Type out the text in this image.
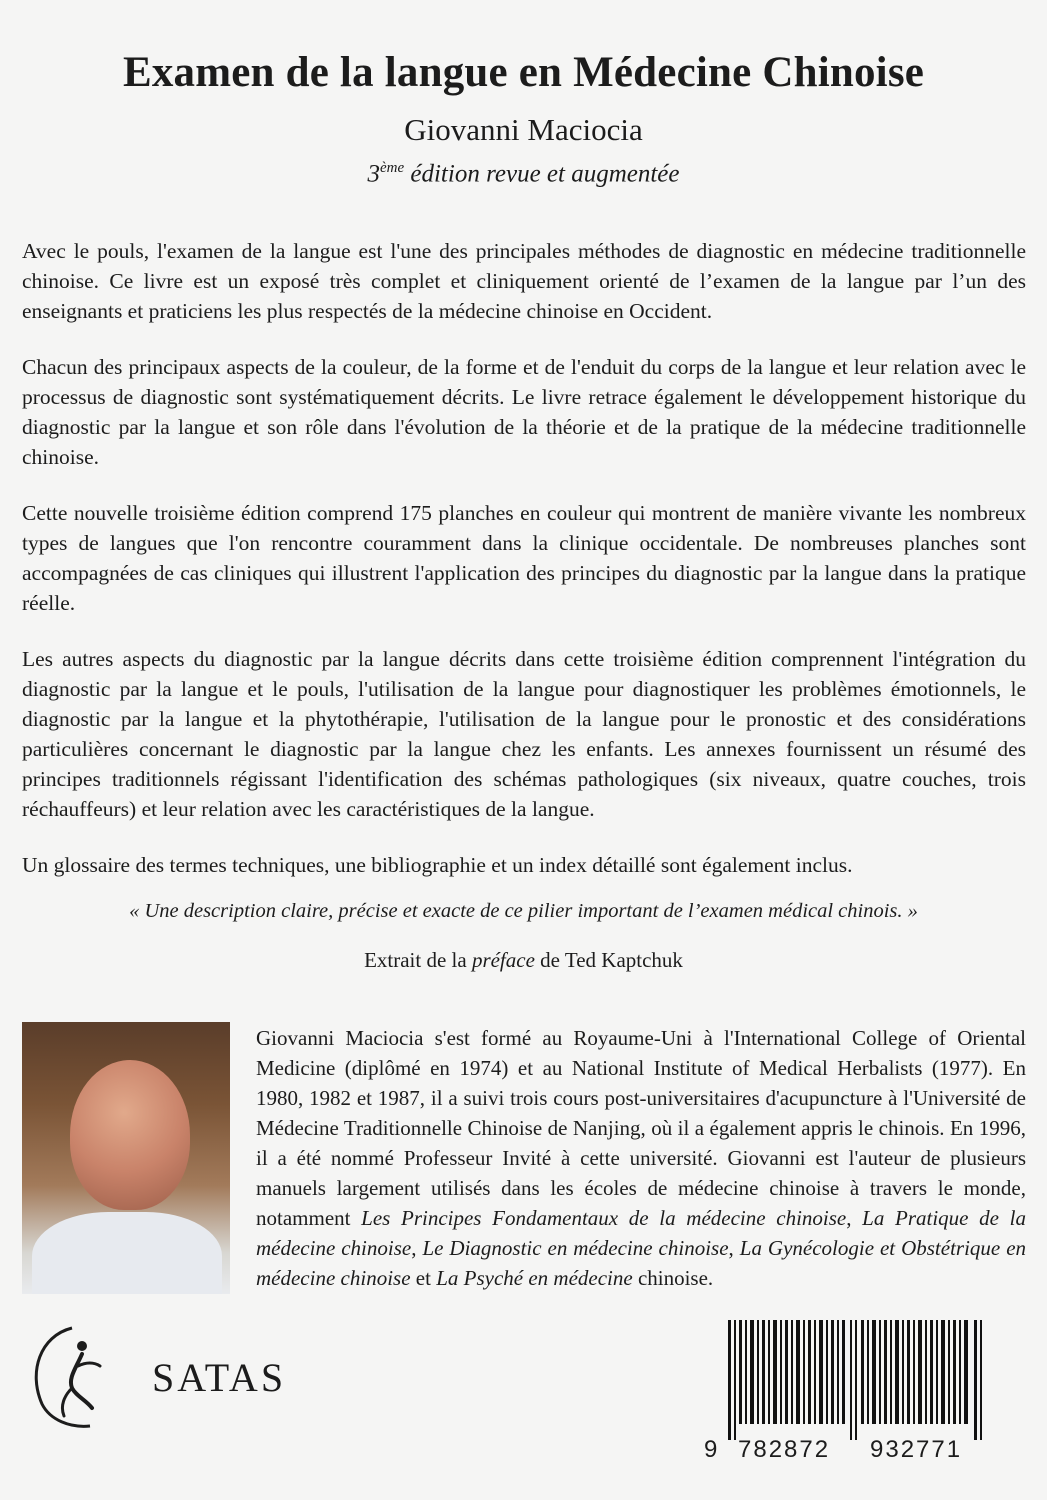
Examen de la langue en Médecine Chinoise
Giovanni Maciocia
3ème édition revue et augmentée

Avec le pouls, l'examen de la langue est l'une des principales méthodes de diagnostic en médecine traditionnelle chinoise. Ce livre est un exposé très complet et cliniquement orienté de l’examen de la langue par l’un des enseignants et praticiens les plus respectés de la médecine chinoise en Occident.

Chacun des principaux aspects de la couleur, de la forme et de l'enduit du corps de la langue et leur relation avec le processus de diagnostic sont systématiquement décrits. Le livre retrace également le développement historique du diagnostic par la langue et son rôle dans l'évolution de la théorie et de la pratique de la médecine traditionnelle chinoise.

Cette nouvelle troisième édition comprend 175 planches en couleur qui montrent de manière vivante les nombreux types de langues que l'on rencontre couramment dans la clinique occidentale. De nombreuses planches sont accompagnées de cas cliniques qui illustrent l'application des principes du diagnostic par la langue dans la pratique réelle.

Les autres aspects du diagnostic par la langue décrits dans cette troisième édition comprennent l'intégration du diagnostic par la langue et le pouls, l'utilisation de la langue pour diagnostiquer les problèmes émotionnels, le diagnostic par la langue et la phytothérapie, l'utilisation de la langue pour le pronostic et des considérations particulières concernant le diagnostic par la langue chez les enfants. Les annexes fournissent un résumé des principes traditionnels régissant l'identification des schémas pathologiques (six niveaux, quatre couches, trois réchauffeurs) et leur relation avec les caractéristiques de la langue.

Un glossaire des termes techniques, une bibliographie et un index détaillé sont également inclus.

« Une description claire, précise et exacte de ce pilier important de l’examen médical chinois. »
Extrait de la préface de Ted Kaptchuk
Giovanni Maciocia s'est formé au Royaume-Uni à l'International College of Oriental Medicine (diplômé en 1974) et au National Institute of Medical Herbalists (1977). En 1980, 1982 et 1987, il a suivi trois cours post-universitaires d'acupuncture à l'Université de Médecine Traditionnelle Chinoise de Nanjing, où il a également appris le chinois. En 1996, il a été nommé Professeur Invité à cette université. Giovanni est l'auteur de plusieurs manuels largement utilisés dans les écoles de médecine chinoise à travers le monde, notamment Les Principes Fondamentaux de la médecine chinoise, La Pratique de la médecine chinoise, Le Diagnostic en médecine chinoise, La Gynécologie et Obstétrique en médecine chinoise et La Psyché en médecine chinoise.
SATAS
9 782872 932771
